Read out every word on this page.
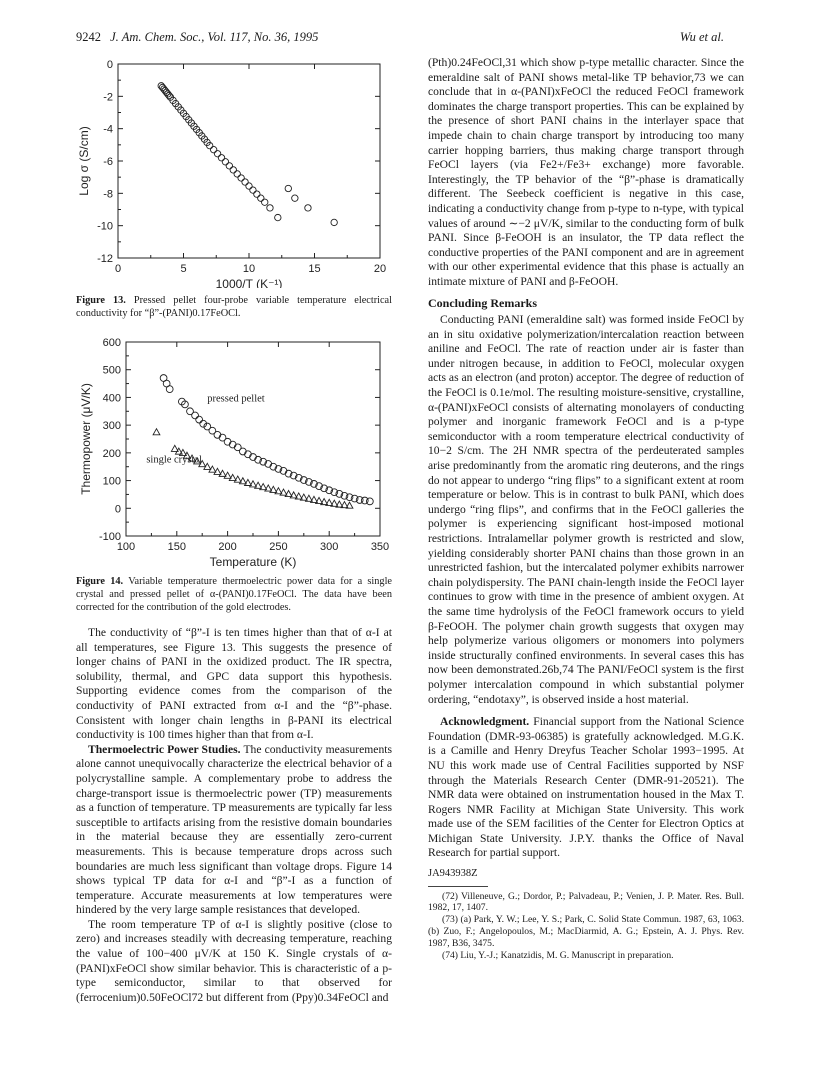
9242 J. Am. Chem. Soc., Vol. 117, No. 36, 1995	Wu et al.
0	5	10	15	20
0
-2
-4
-6
-8
-10
-12
1000/T (K⁻¹)
Log σ (S/cm)

Figure 13. Pressed pellet four-probe variable temperature electrical conductivity for “β”-(PANI)0.17FeOCl.

100	150	200	250	300	350
600
500
400
300
200
100
0
-100
Temperature (K)
Thermopower (μV/K)	pressed pellet
single crystal

Figure 14. Variable temperature thermoelectric power data for a single crystal and pressed pellet of α-(PANI)0.17FeOCl. The data have been corrected for the contribution of the gold electrodes.

The conductivity of “β”-I is ten times higher than that of α-I at all temperatures, see Figure 13. This suggests the presence of longer chains of PANI in the oxidized product. The IR spectra, solubility, thermal, and GPC data support this hypothesis. Supporting evidence comes from the comparison of the conductivity of PANI extracted from α-I and the “β”-phase. Consistent with longer chain lengths in β-PANI its electrical conductivity is 100 times higher than that from α-I.

Thermoelectric Power Studies. The conductivity measurements alone cannot unequivocally characterize the electrical behavior of a polycrystalline sample. A complementary probe to address the charge-transport issue is thermoelectric power (TP) measurements as a function of temperature. TP measurements are typically far less susceptible to artifacts arising from the resistive domain boundaries in the material because they are essentially zero-current measurements. This is because temperature drops across such boundaries are much less significant than voltage drops. Figure 14 shows typical TP data for α-I and “β”-I as a function of temperature. Accurate measurements at low temperatures were hindered by the very large sample resistances that developed.

The room temperature TP of α-I is slightly positive (close to zero) and increases steadily with decreasing temperature, reaching the value of 100−400 μV/K at 150 K. Single crystals of α-(PANI)xFeOCl show similar behavior. This is characteristic of a p-type semiconductor, similar to that observed for (ferrocenium)0.50FeOCl72 but different from (Ppy)0.34FeOCl and

(Pth)0.24FeOCl,31 which show p-type metallic character. Since the emeraldine salt of PANI shows metal-like TP behavior,73 we can conclude that in α-(PANI)xFeOCl the reduced FeOCl framework dominates the charge transport properties. This can be explained by the presence of short PANI chains in the interlayer space that impede chain to chain charge transport by introducing too many carrier hopping barriers, thus making charge transport through FeOCl layers (via Fe2+/Fe3+ exchange) more favorable. Interestingly, the TP behavior of the “β”-phase is dramatically different. The Seebeck coefficient is negative in this case, indicating a conductivity change from p-type to n-type, with typical values of around ∼−2 μV/K, similar to the conducting form of bulk PANI. Since β-FeOOH is an insulator, the TP data reflect the conductive properties of the PANI component and are in agreement with our other experimental evidence that this phase is actually an intimate mixture of PANI and β-FeOOH.

Concluding Remarks

Conducting PANI (emeraldine salt) was formed inside FeOCl by an in situ oxidative polymerization/intercalation reaction between aniline and FeOCl. The rate of reaction under air is faster than under nitrogen because, in addition to FeOCl, molecular oxygen acts as an electron (and proton) acceptor. The degree of reduction of the FeOCl is 0.1e/mol. The resulting moisture-sensitive, crystalline, α-(PANI)xFeOCl consists of alternating monolayers of conducting polymer and inorganic framework FeOCl and is a p-type semiconductor with a room temperature electrical conductivity of 10−2 S/cm. The 2H NMR spectra of the perdeuterated samples arise predominantly from the aromatic ring deuterons, and the rings do not appear to undergo “ring flips” to a significant extent at room temperature or below. This is in contrast to bulk PANI, which does undergo “ring flips”, and confirms that in the FeOCl galleries the polymer is experiencing significant host-imposed motional restrictions. Intralamellar polymer growth is restricted and slow, yielding considerably shorter PANI chains than those grown in an unrestricted fashion, but the intercalated polymer exhibits narrower chain polydispersity. The PANI chain-length inside the FeOCl layer continues to grow with time in the presence of ambient oxygen. At the same time hydrolysis of the FeOCl framework occurs to yield β-FeOOH. The polymer chain growth suggests that oxygen may help polymerize various oligomers or monomers into polymers inside structurally confined environments. In several cases this has now been demonstrated.26b,74 The PANI/FeOCl system is the first polymer intercalation compound in which substantial polymer ordering, “endotaxy”, is observed inside a host material.

Acknowledgment. Financial support from the National Science Foundation (DMR-93-06385) is gratefully acknowledged. M.G.K. is a Camille and Henry Dreyfus Teacher Scholar 1993−1995. At NU this work made use of Central Facilities supported by NSF through the Materials Research Center (DMR-91-20521). The NMR data were obtained on instrumentation housed in the Max T. Rogers NMR Facility at Michigan State University. This work made use of the SEM facilities of the Center for Electron Optics at Michigan State University. J.P.Y. thanks the Office of Naval Research for partial support.

JA943938Z

(72) Villeneuve, G.; Dordor, P.; Palvadeau, P.; Venien, J. P. Mater. Res. Bull. 1982, 17, 1407.

(73) (a) Park, Y. W.; Lee, Y. S.; Park, C. Solid State Commun. 1987, 63, 1063. (b) Zuo, F.; Angelopoulos, M.; MacDiarmid, A. G.; Epstein, A. J. Phys. Rev. 1987, B36, 3475.

(74) Liu, Y.-J.; Kanatzidis, M. G. Manuscript in preparation.
